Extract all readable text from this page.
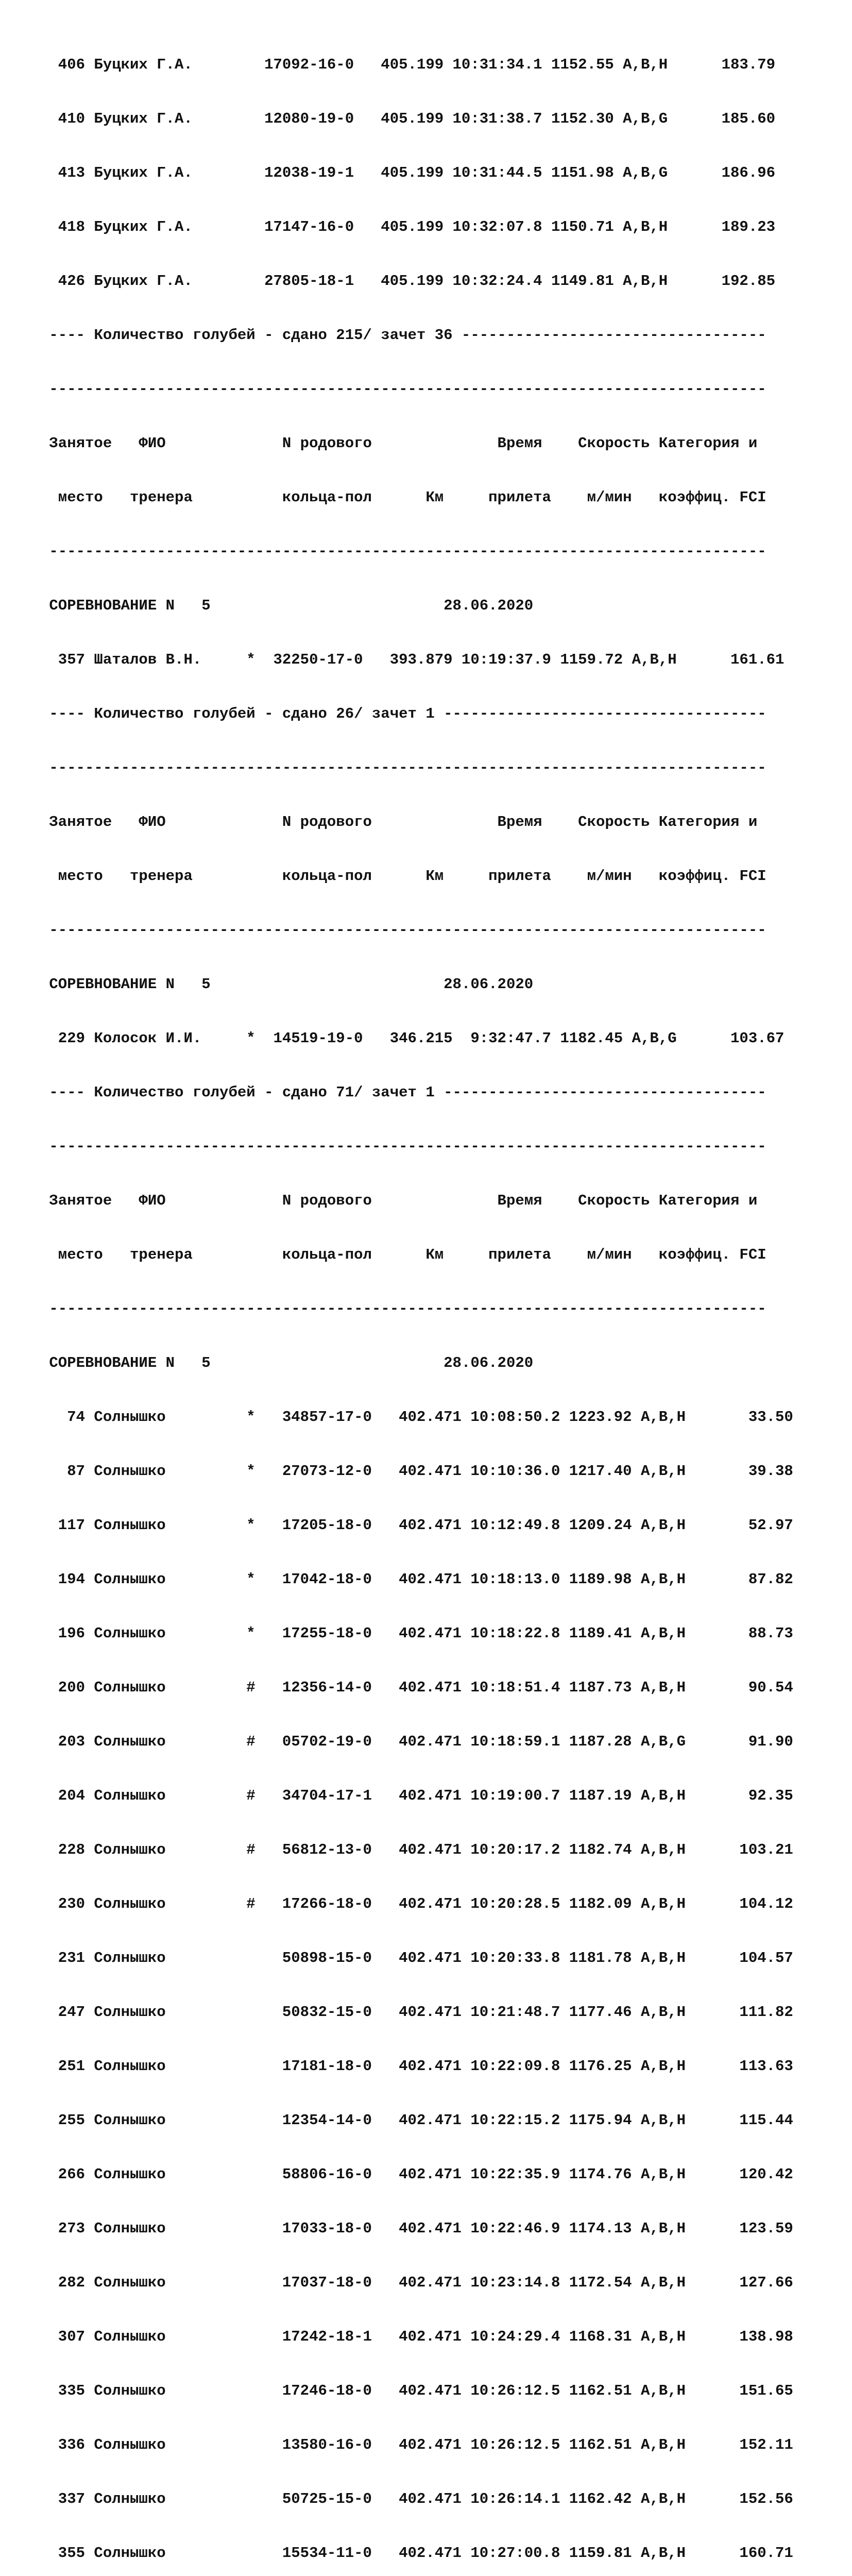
406 Буцких Г.А.        17092-16-0   405.199 10:31:34.1 1152.55 A,B,H      183.79

410 Буцких Г.А.        12080-19-0   405.199 10:31:38.7 1152.30 A,B,G      185.60

413 Буцких Г.А.        12038-19-1   405.199 10:31:44.5 1151.98 A,B,G      186.96

418 Буцких Г.А.        17147-16-0   405.199 10:32:07.8 1150.71 A,B,H      189.23

426 Буцких Г.А.        27805-18-1   405.199 10:32:24.4 1149.81 A,B,H      192.85

---- Количество голубей - сдано 215/ зачет 36 ----------------------------------

--------------------------------------------------------------------------------

Занятое   ФИО             N родового              Время    Скорость Категория и

место   тренера          кольца-пол      Км     прилета    м/мин   коэффиц. FCI

--------------------------------------------------------------------------------

СОРЕВНОВАНИЕ N   5                          28.06.2020

357 Шаталов В.Н.     *  32250-17-0   393.879 10:19:37.9 1159.72 A,B,H      161.61

---- Количество голубей - сдано 26/ зачет 1 ------------------------------------

--------------------------------------------------------------------------------

Занятое   ФИО             N родового              Время    Скорость Категория и

место   тренера          кольца-пол      Км     прилета    м/мин   коэффиц. FCI

--------------------------------------------------------------------------------

СОРЕВНОВАНИЕ N   5                          28.06.2020

229 Колосок И.И.     *  14519-19-0   346.215  9:32:47.7 1182.45 A,B,G      103.67

---- Количество голубей - сдано 71/ зачет 1 ------------------------------------

--------------------------------------------------------------------------------

Занятое   ФИО             N родового              Время    Скорость Категория и

место   тренера          кольца-пол      Км     прилета    м/мин   коэффиц. FCI

--------------------------------------------------------------------------------

СОРЕВНОВАНИЕ N   5                          28.06.2020

74 Солнышко         *   34857-17-0   402.471 10:08:50.2 1223.92 A,B,H       33.50

87 Солнышко         *   27073-12-0   402.471 10:10:36.0 1217.40 A,B,H       39.38

117 Солнышко         *   17205-18-0   402.471 10:12:49.8 1209.24 A,B,H       52.97

194 Солнышко         *   17042-18-0   402.471 10:18:13.0 1189.98 A,B,H       87.82

196 Солнышко         *   17255-18-0   402.471 10:18:22.8 1189.41 A,B,H       88.73

200 Солнышко         #   12356-14-0   402.471 10:18:51.4 1187.73 A,B,H       90.54

203 Солнышко         #   05702-19-0   402.471 10:18:59.1 1187.28 A,B,G       91.90

204 Солнышко         #   34704-17-1   402.471 10:19:00.7 1187.19 A,B,H       92.35

228 Солнышко         #   56812-13-0   402.471 10:20:17.2 1182.74 A,B,H      103.21

230 Солнышко         #   17266-18-0   402.471 10:20:28.5 1182.09 A,B,H      104.12

231 Солнышко             50898-15-0   402.471 10:20:33.8 1181.78 A,B,H      104.57

247 Солнышко             50832-15-0   402.471 10:21:48.7 1177.46 A,B,H      111.82

251 Солнышко             17181-18-0   402.471 10:22:09.8 1176.25 A,B,H      113.63

255 Солнышко             12354-14-0   402.471 10:22:15.2 1175.94 A,B,H      115.44

266 Солнышко             58806-16-0   402.471 10:22:35.9 1174.76 A,B,H      120.42

273 Солнышко             17033-18-0   402.471 10:22:46.9 1174.13 A,B,H      123.59

282 Солнышко             17037-18-0   402.471 10:23:14.8 1172.54 A,B,H      127.66

307 Солнышко             17242-18-1   402.471 10:24:29.4 1168.31 A,B,H      138.98

335 Солнышко             17246-18-0   402.471 10:26:12.5 1162.51 A,B,H      151.65

336 Солнышко             13580-16-0   402.471 10:26:12.5 1162.51 A,B,H      152.11

337 Солнышко             50725-15-0   402.471 10:26:14.1 1162.42 A,B,H      152.56

355 Солнышко             15534-11-0   402.471 10:27:00.8 1159.81 A,B,H      160.71
